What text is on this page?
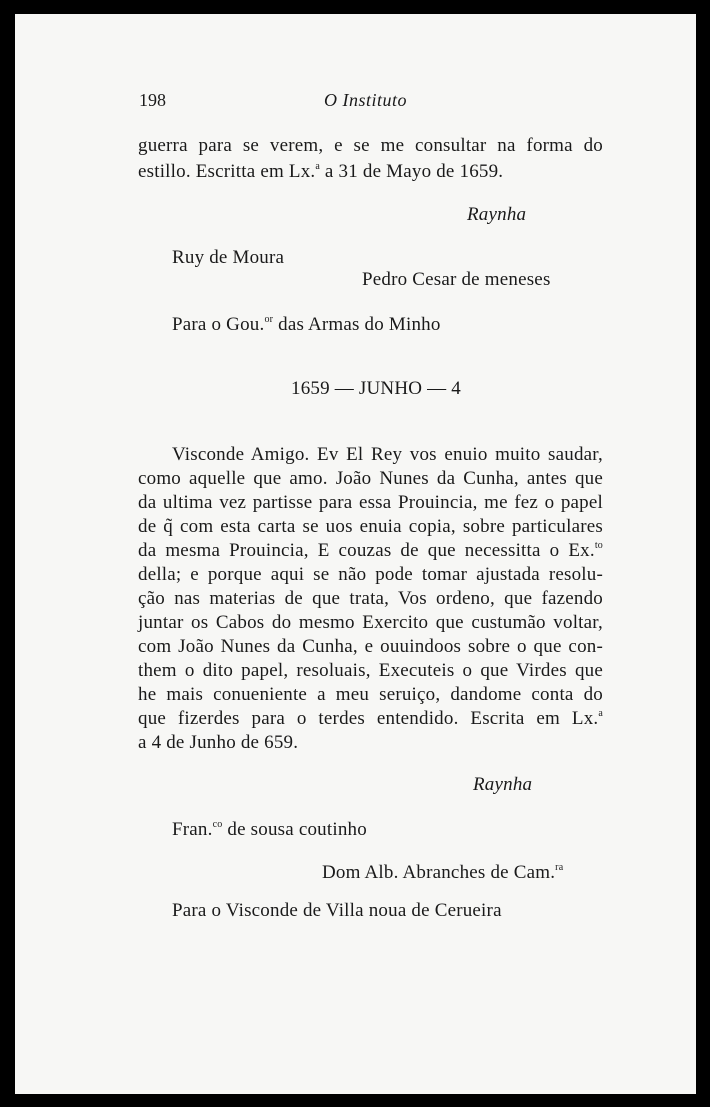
198	O Instituto
guerra para se verem, e se me consultar na forma do
estillo. Escritta em Lx.$^a$ a 31 de Mayo de 1659.
Raynha
Ruy de Moura
Pedro Cesar de meneses
Para o Gou.$^{or}$ das Armas do Minho
1659 — JUNHO — 4
Visconde Amigo. Ev El Rey vos enuio muito saudar,
como aquelle que amo. João Nunes da Cunha, antes que
da ultima vez partisse para essa Prouincia, me fez o papel
de q̃ com esta carta se uos enuia copia, sobre particulares
da mesma Prouincia, E couzas de que necessitta o Ex.$^{to}$
della; e porque aqui se não pode tomar ajustada resolu-
ção nas materias de que trata, Vos ordeno, que fazendo
juntar os Cabos do mesmo Exercito que custumão voltar,
com João Nunes da Cunha, e ouuindoos sobre o que con-
them o dito papel, resoluais, Executeis o que Virdes que
he mais conueniente a meu seruiço, dandome conta do
que fizerdes para o terdes entendido. Escrita em Lx.$^a$
a 4 de Junho de 659.
Raynha
Fran.$^{co}$ de sousa coutinho
Dom Alb. Abranches de Cam.$^{ra}$
Para o Visconde de Villa noua de Cerueira
